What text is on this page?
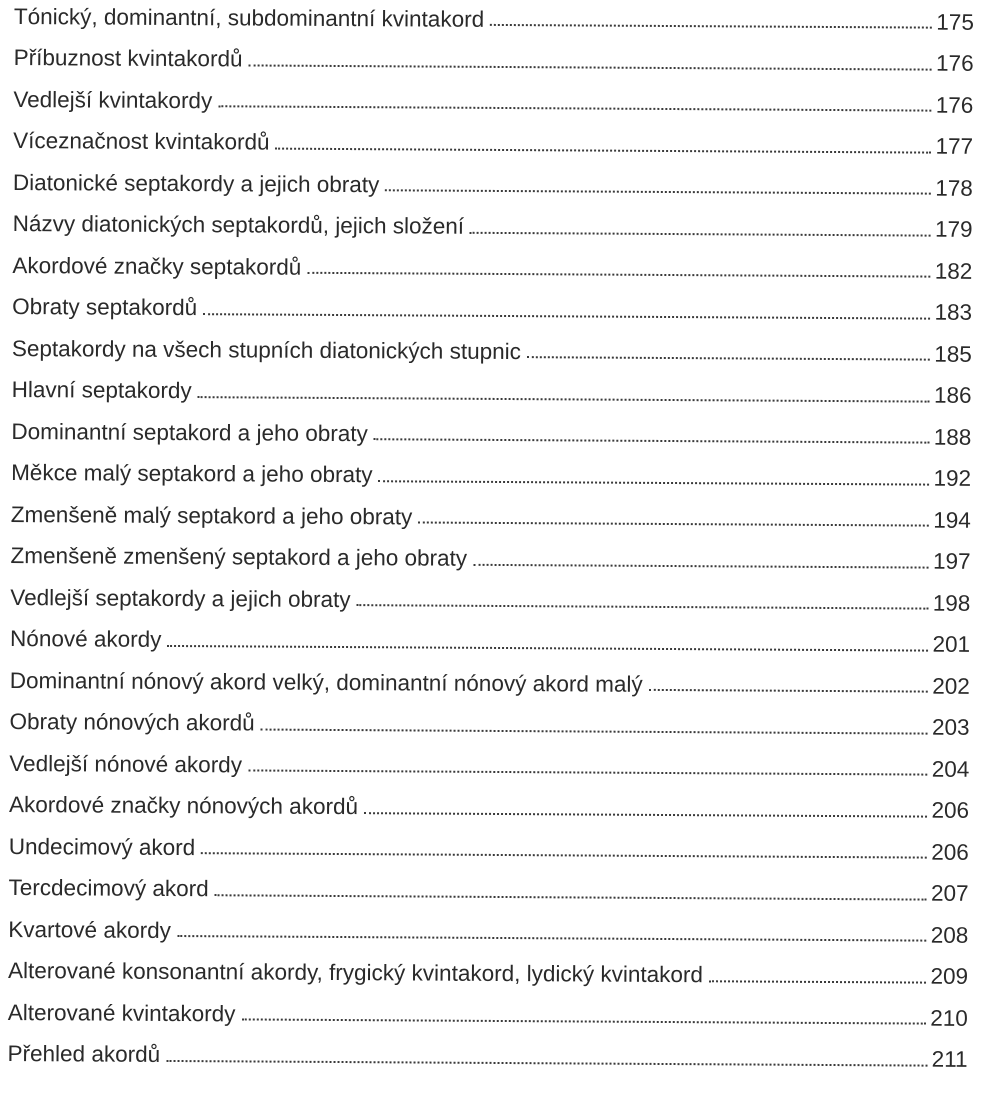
Tónický, dominantní, subdominantní kvintakord	175
Příbuznost kvintakordů	176
Vedlejší kvintakordy	176
Víceznačnost kvintakordů	177
Diatonické septakordy a jejich obraty	178
Názvy diatonických septakordů, jejich složení	179
Akordové značky septakordů	182
Obraty septakordů	183
Septakordy na všech stupních diatonických stupnic	185
Hlavní septakordy	186
Dominantní septakord a jeho obraty	188
Měkce malý septakord a jeho obraty	192
Zmenšeně malý septakord a jeho obraty	194
Zmenšeně zmenšený septakord a jeho obraty	197
Vedlejší septakordy a jejich obraty	198
Nónové akordy	201
Dominantní nónový akord velký, dominantní nónový akord malý	202
Obraty nónových akordů	203
Vedlejší nónové akordy	204
Akordové značky nónových akordů	206
Undecimový akord	206
Tercdecimový akord	207
Kvartové akordy	208
Alterované konsonantní akordy, frygický kvintakord, lydický kvintakord	209
Alterované kvintakordy	210
Přehled akordů	211
